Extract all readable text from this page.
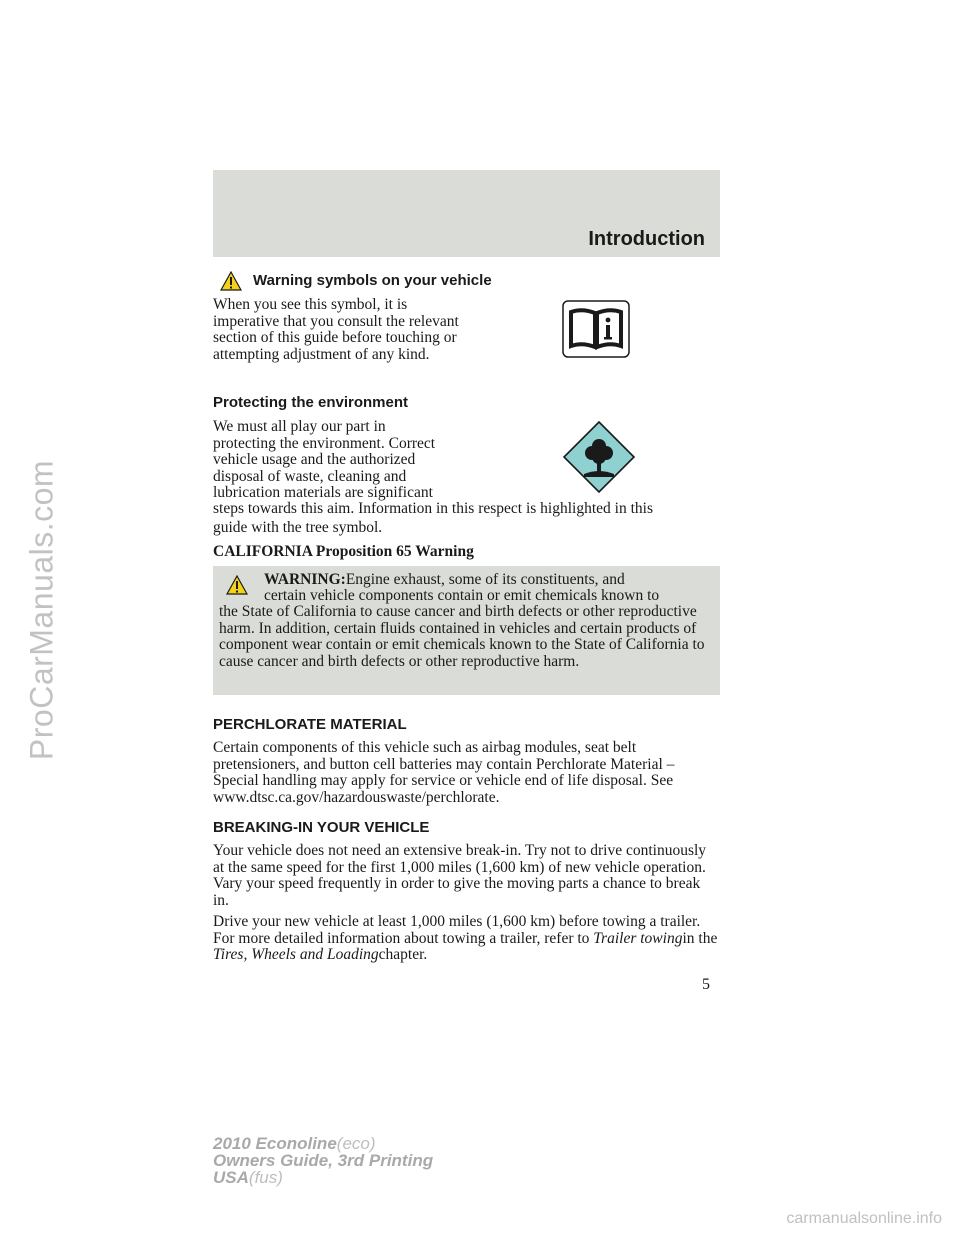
ProCarManuals.com
Introduction
Warning symbols on your vehicle
When you see this symbol, it is imperative that you consult the relevant section of this guide before touching or attempting adjustment of any kind.
Protecting the environment
We must all play our part in
protecting the environment. Correct
vehicle usage and the authorized
disposal of waste, cleaning and
lubrication materials are significant
steps towards this aim. Information in this respect is highlighted in this
guide with the tree symbol.
CALIFORNIA Proposition 65 Warning
WARNING:Engine exhaust, some of its constituents, and
certain vehicle components contain or emit chemicals known to
the State of California to cause cancer and birth defects or other reproductive harm. In addition, certain fluids contained in vehicles and certain products of component wear contain or emit chemicals known to the State of California to cause cancer and birth defects or other reproductive harm.
PERCHLORATE MATERIAL
Certain components of this vehicle such as airbag modules, seat belt pretensioners, and button cell batteries may contain Perchlorate Material – Special handling may apply for service or vehicle end of life disposal. See www.dtsc.ca.gov/hazardouswaste/perchlorate.
BREAKING-IN YOUR VEHICLE
Your vehicle does not need an extensive break-in. Try not to drive continuously at the same speed for the first 1,000 miles (1,600 km) of new vehicle operation. Vary your speed frequently in order to give the moving parts a chance to break in.
Drive your new vehicle at least 1,000 miles (1,600 km) before towing a trailer. For more detailed information about towing a trailer, refer to Trailer towingin the Tires, Wheels and Loadingchapter.
5
2010 Econoline(eco)
Owners Guide, 3rd Printing
USA(fus)
carmanualsonline.info
